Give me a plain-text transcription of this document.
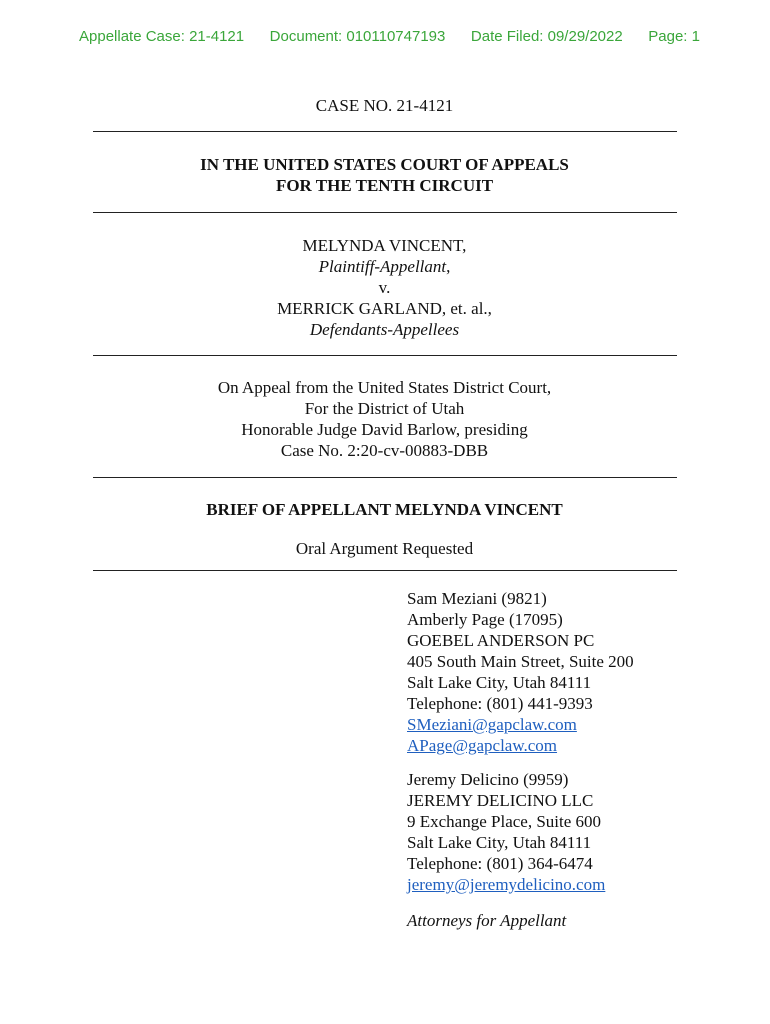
Appellate Case: 21-4121 Document: 010110747193 Date Filed: 09/29/2022 Page: 1
CASE NO. 21-4121
IN THE UNITED STATES COURT OF APPEALS
FOR THE TENTH CIRCUIT
MELYNDA VINCENT,
Plaintiff-Appellant,
v.
MERRICK GARLAND, et. al.,
Defendants-Appellees
On Appeal from the United States District Court,
For the District of Utah
Honorable Judge David Barlow, presiding
Case No. 2:20-cv-00883-DBB
BRIEF OF APPELLANT MELYNDA VINCENT
Oral Argument Requested
Sam Meziani (9821)
Amberly Page (17095)
GOEBEL ANDERSON PC
405 South Main Street, Suite 200
Salt Lake City, Utah 84111
Telephone: (801) 441-9393
SMeziani@gapclaw.com
APage@gapclaw.com
Jeremy Delicino (9959)
JEREMY DELICINO LLC
9 Exchange Place, Suite 600
Salt Lake City, Utah 84111
Telephone: (801) 364-6474
jeremy@jeremydelicino.com
Attorneys for Appellant
